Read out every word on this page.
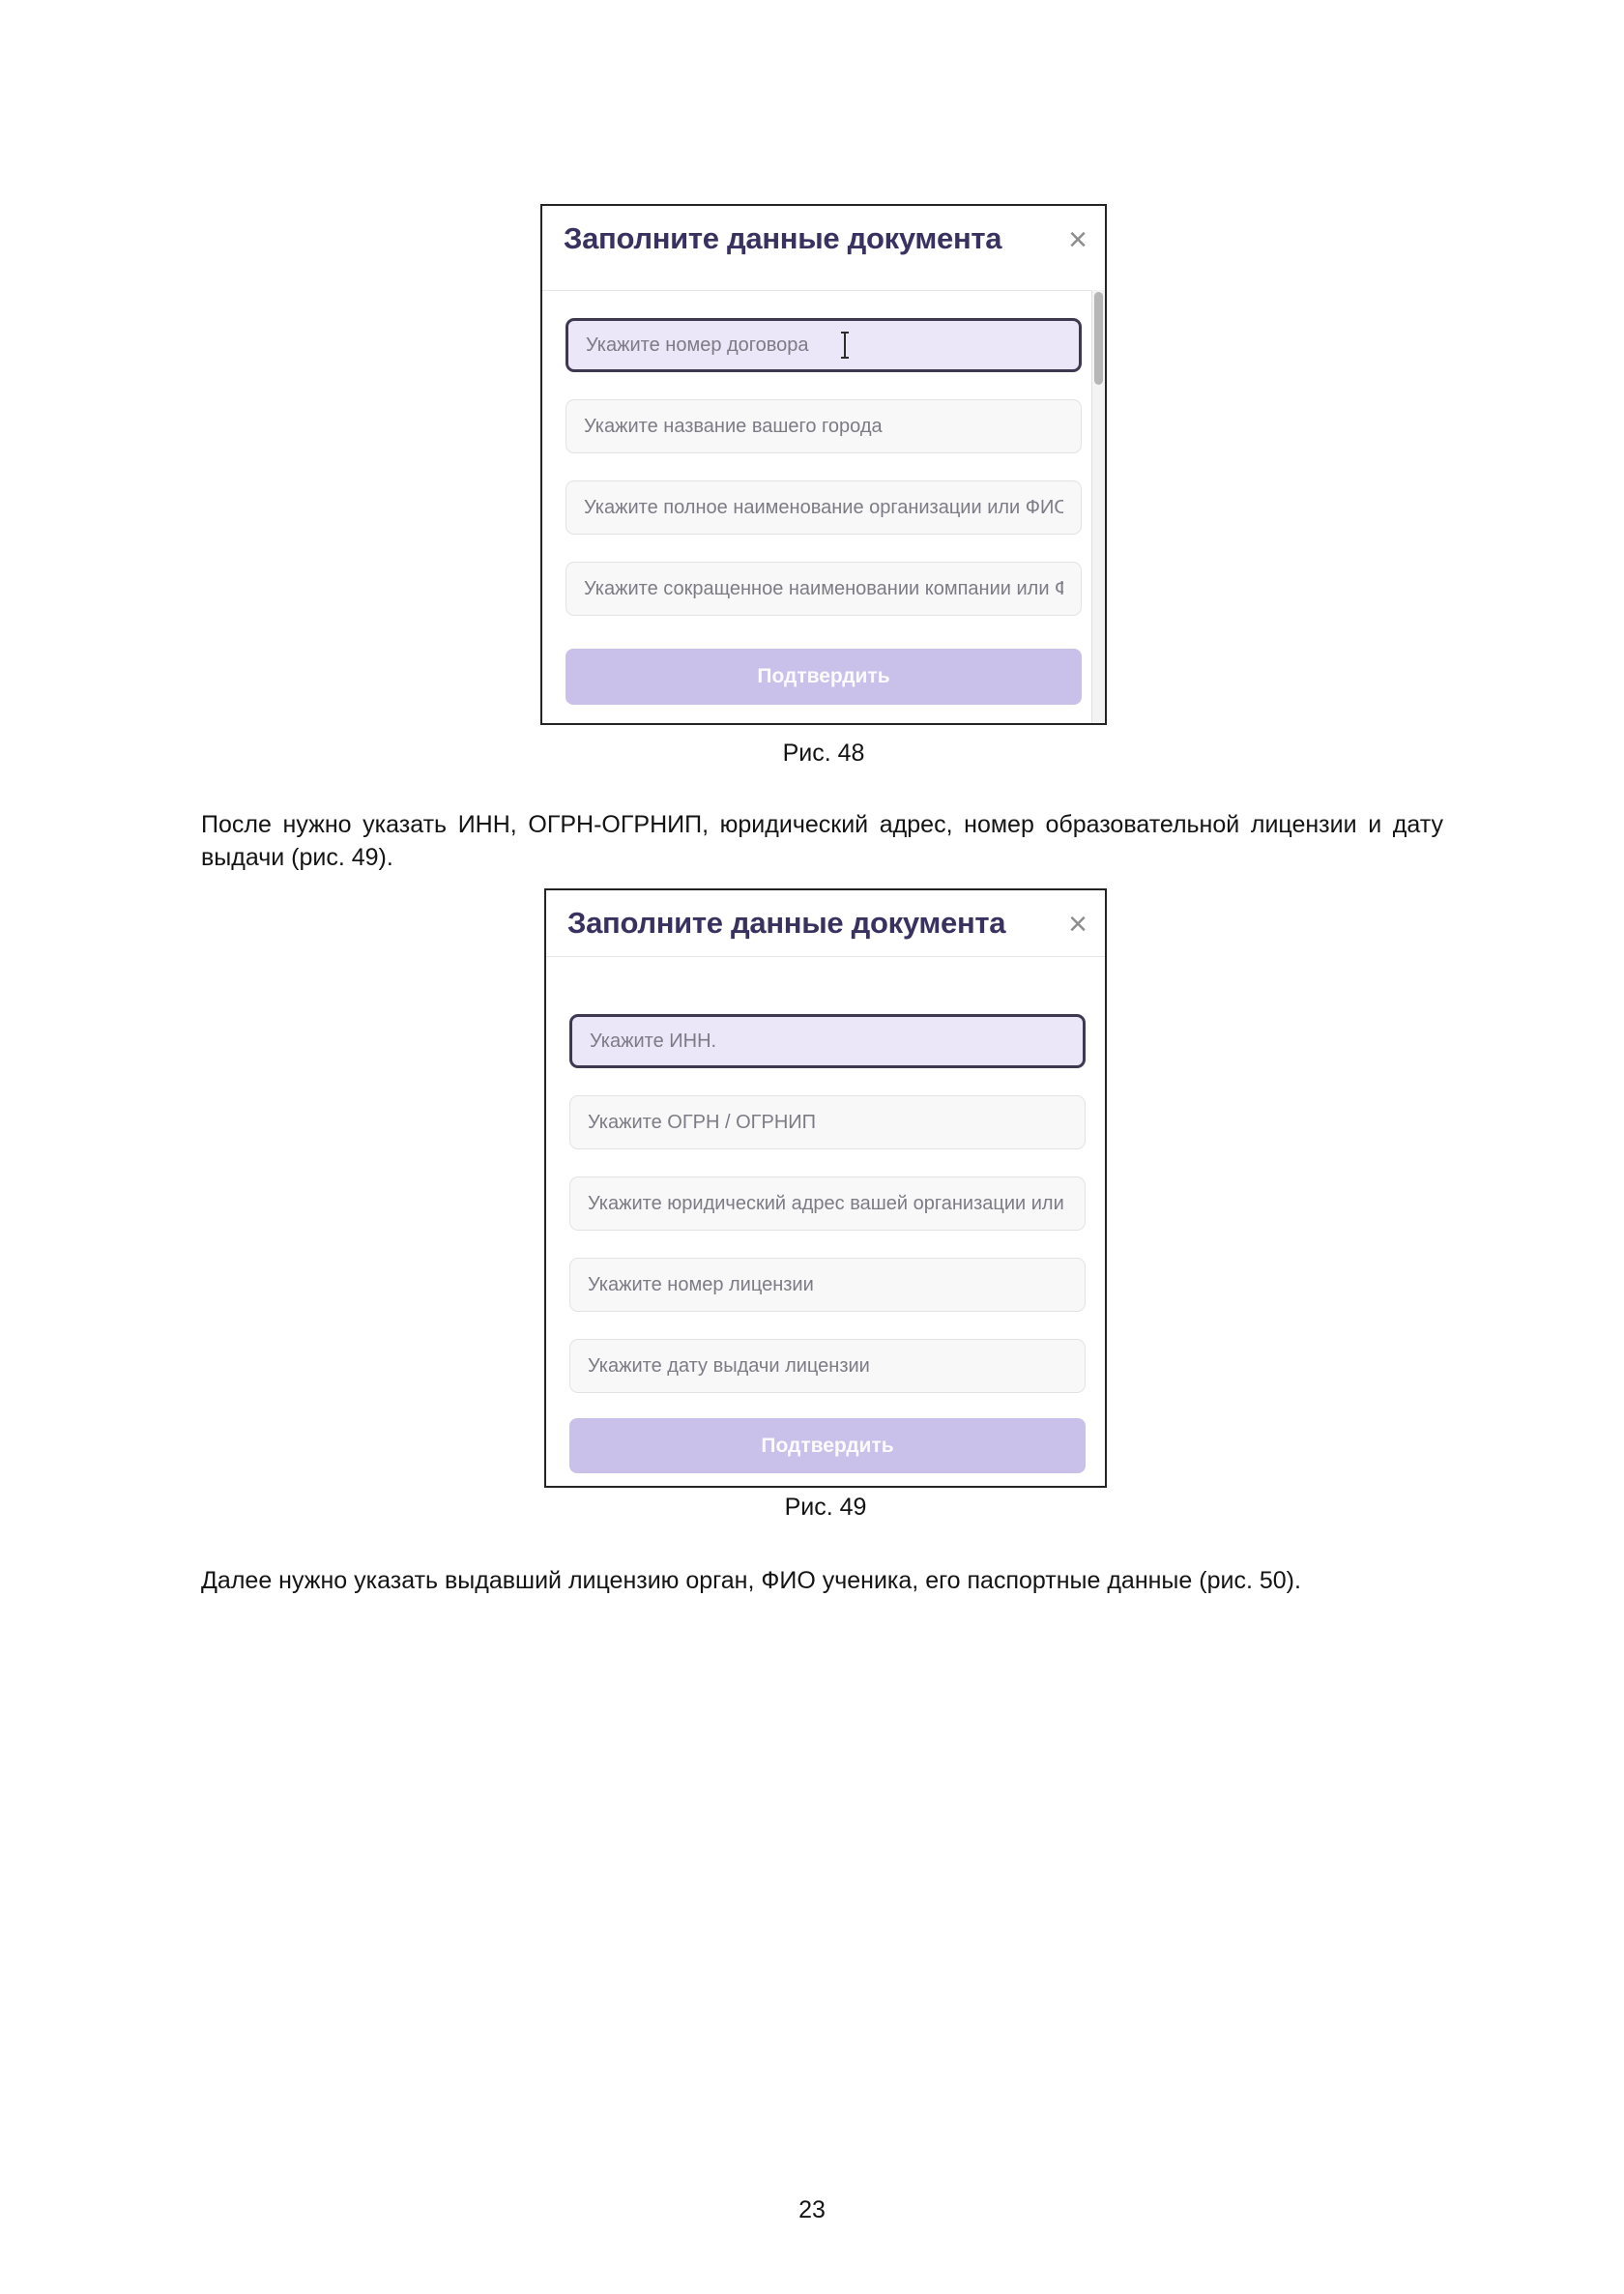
Заполните данные документа ×
Укажите номер договора
Укажите название вашего города
Укажите полное наименование организации или ФИО
Укажите сокращенное наименовании компании или Ф
Подтвердить
Рис. 48

После нужно указать ИНН, ОГРН-ОГРНИП, юридический адрес, номер образовательной лицензии и дату выдачи (рис. 49).

Заполните данные документа ×
Укажите ИНН.
Укажите ОГРН / ОГРНИП
Укажите юридический адрес вашей организации или в
Укажите номер лицензии
Укажите дату выдачи лицензии
Подтвердить
Рис. 49

Далее нужно указать выдавший лицензию орган, ФИО ученика, его паспортные данные (рис. 50).

23
